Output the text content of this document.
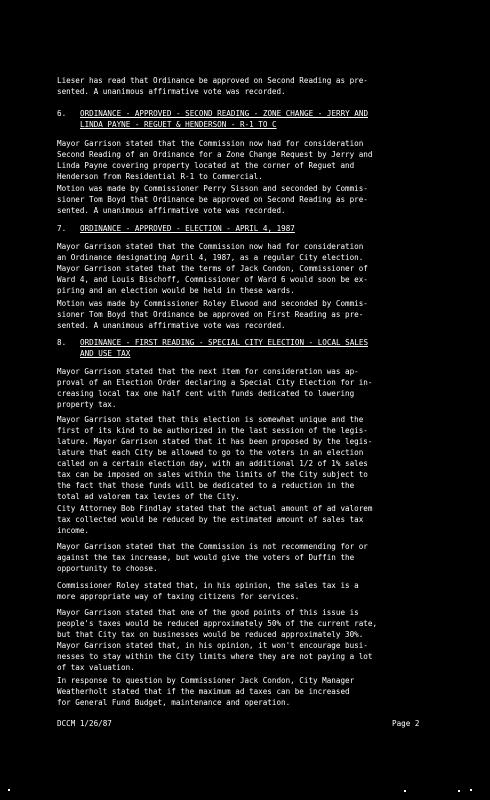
Lieser has read that Ordinance be approved on Second Reading as pre-
sented. A unanimous affirmative vote was recorded.
6. ORDINANCE - APPROVED - SECOND READING - ZONE CHANGE - JERRY AND
LINDA PAYNE - REGUET & HENDERSON - R-1 TO C
Mayor Garrison stated that the Commission now had for consideration
Second Reading of an Ordinance for a Zone Change Request by Jerry and
Linda Payne covering property located at the corner of Reguet and
Henderson from Residential R-1 to Commercial.
Motion was made by Commissioner Perry Sisson and seconded by Commis-
sioner Tom Boyd that Ordinance be approved on Second Reading as pre-
sented. A unanimous affirmative vote was recorded.
7. ORDINANCE - APPROVED - ELECTION - APRIL 4, 1987
Mayor Garrison stated that the Commission now had for consideration
an Ordinance designating April 4, 1987, as a regular City election.
Mayor Garrison stated that the terms of Jack Condon, Commissioner of
Ward 4, and Louis Bischoff, Commissioner of Ward 6 would soon be ex-
piring and an election would be held in these wards.
Motion was made by Commissioner Roley Elwood and seconded by Commis-
sioner Tom Boyd that Ordinance be approved on First Reading as pre-
sented. A unanimous affirmative vote was recorded.
8. ORDINANCE - FIRST READING - SPECIAL CITY ELECTION - LOCAL SALES
AND USE TAX
Mayor Garrison stated that the next item for consideration was ap-
proval of an Election Order declaring a Special City Election for in-
creasing local tax one half cent with funds dedicated to lowering
property tax.
Mayor Garrison stated that this election is somewhat unique and the
first of its kind to be authorized in the last session of the legis-
lature. Mayor Garrison stated that it has been proposed by the legis-
lature that each City be allowed to go to the voters in an election
called on a certain election day, with an additional 1/2 of 1% sales
tax can be imposed on sales within the limits of the City subject to
the fact that those funds will be dedicated to a reduction in the
total ad valorem tax levies of the City.
City Attorney Bob Findlay stated that the actual amount of ad valorem
tax collected would be reduced by the estimated amount of sales tax
income.
Mayor Garrison stated that the Commission is not recommending for or
against the tax increase, but would give the voters of Duffin the
opportunity to choose.
Commissioner Roley stated that, in his opinion, the sales tax is a
more appropriate way of taxing citizens for services.
Mayor Garrison stated that one of the good points of this issue is
people's taxes would be reduced approximately 50% of the current rate,
but that City tax on businesses would be reduced approximately 30%.
Mayor Garrison stated that, in his opinion, it won't encourage busi-
nesses to stay within the City limits where they are not paying a lot
of tax valuation.
In response to question by Commissioner Jack Condon, City Manager
Weatherholt stated that if the maximum ad taxes can be increased
for General Fund Budget, maintenance and operation.
DCCM 1/26/87	Page 2
